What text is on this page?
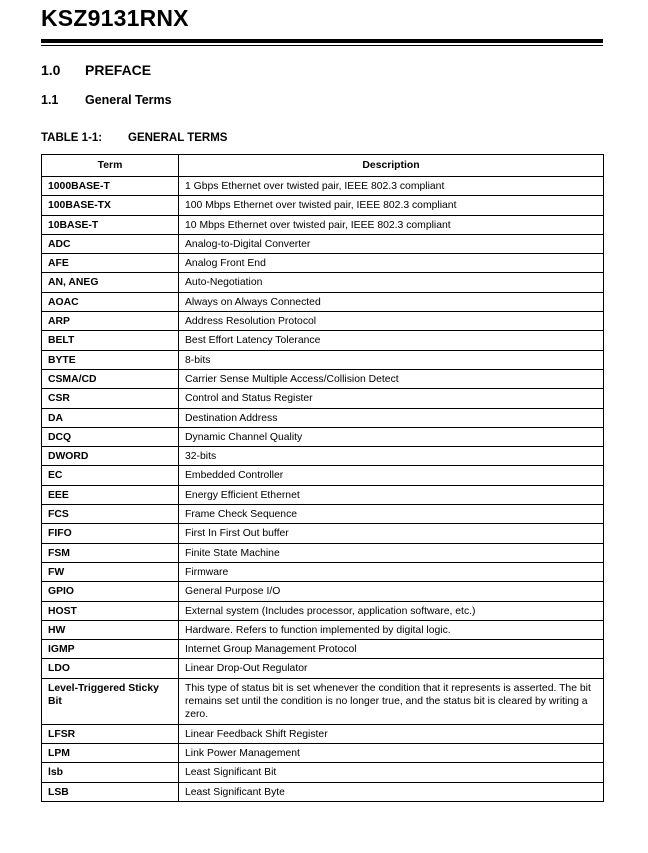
KSZ9131RNX
1.0 PREFACE
1.1 General Terms
TABLE 1-1: GENERAL TERMS
Term	Description
1000BASE-T	1 Gbps Ethernet over twisted pair, IEEE 802.3 compliant
100BASE-TX	100 Mbps Ethernet over twisted pair, IEEE 802.3 compliant
10BASE-T	10 Mbps Ethernet over twisted pair, IEEE 802.3 compliant
ADC	Analog-to-Digital Converter
AFE	Analog Front End
AN, ANEG	Auto-Negotiation
AOAC	Always on Always Connected
ARP	Address Resolution Protocol
BELT	Best Effort Latency Tolerance
BYTE	8-bits
CSMA/CD	Carrier Sense Multiple Access/Collision Detect
CSR	Control and Status Register
DA	Destination Address
DCQ	Dynamic Channel Quality
DWORD	32-bits
EC	Embedded Controller
EEE	Energy Efficient Ethernet
FCS	Frame Check Sequence
FIFO	First In First Out buffer
FSM	Finite State Machine
FW	Firmware
GPIO	General Purpose I/O
HOST	External system (Includes processor, application software, etc.)
HW	Hardware. Refers to function implemented by digital logic.
IGMP	Internet Group Management Protocol
LDO	Linear Drop-Out Regulator
Level-Triggered Sticky Bit	This type of status bit is set whenever the condition that it represents is asserted. The bit remains set until the condition is no longer true, and the status bit is cleared by writing a zero.
LFSR	Linear Feedback Shift Register
LPM	Link Power Management
lsb	Least Significant Bit
LSB	Least Significant Byte
